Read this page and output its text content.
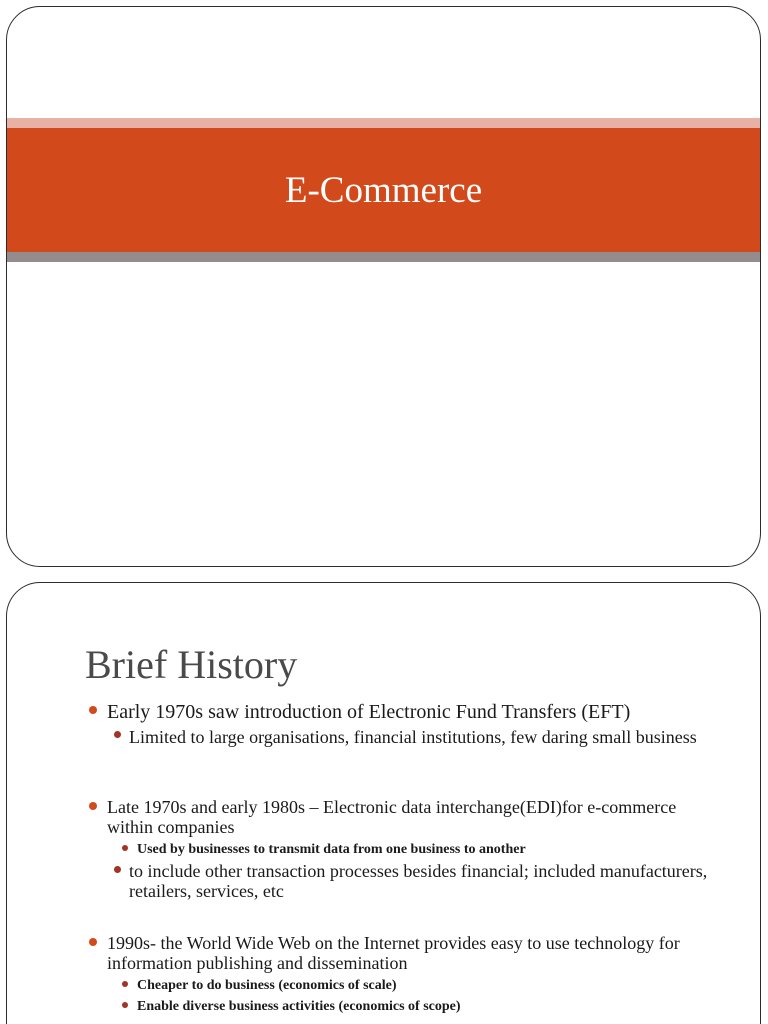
E-Commerce
Brief History
Early 1970s saw introduction of Electronic Fund Transfers (EFT)
Limited to large organisations, financial institutions, few daring small business
Late 1970s and early 1980s – Electronic data interchange(EDI)for e-commerce within companies
Used by businesses to transmit data from one business to another
to include other transaction processes besides financial; included manufacturers, retailers, services, etc
1990s- the World Wide Web on the Internet provides easy to use technology for information publishing and dissemination
Cheaper to do business (economics of scale)
Enable diverse business activities (economics of scope)
